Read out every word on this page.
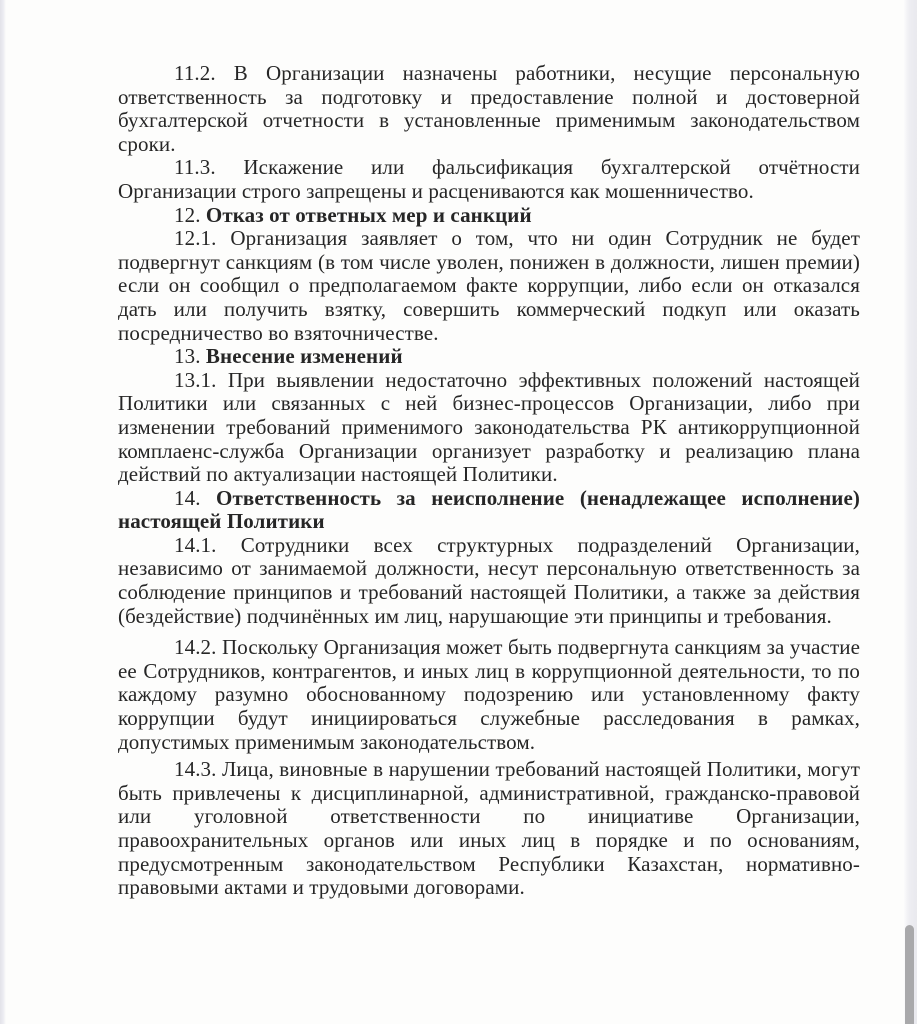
11.2. В Организации назначены работники, несущие персональную ответственность за подготовку и предоставление полной и достоверной бухгалтерской отчетности в установленные применимым законодательством сроки.

11.3. Искажение или фальсификация бухгалтерской отчётности Организации строго запрещены и расцениваются как мошенничество.

12. Отказ от ответных мер и санкций

12.1. Организация заявляет о том, что ни один Сотрудник не будет подвергнут санкциям (в том числе уволен, понижен в должности, лишен премии) если он сообщил о предполагаемом факте коррупции, либо если он отказался дать или получить взятку, совершить коммерческий подкуп или оказать посредничество во взяточничестве.

13. Внесение изменений

13.1. При выявлении недостаточно эффективных положений настоящей Политики или связанных с ней бизнес-процессов Организации, либо при изменении требований применимого законодательства РК антикоррупционной комплаенс-служба Организации организует разработку и реализацию плана действий по актуализации настоящей Политики.

14. Ответственность за неисполнение (ненадлежащее исполнение) настоящей Политики

14.1. Сотрудники всех структурных подразделений Организации, независимо от занимаемой должности, несут персональную ответственность за соблюдение принципов и требований настоящей Политики, а также за действия (бездействие) подчинённых им лиц, нарушающие эти принципы и требования.

14.2. Поскольку Организация может быть подвергнута санкциям за участие ее Сотрудников, контрагентов, и иных лиц в коррупционной деятельности, то по каждому разумно обоснованному подозрению или установленному факту коррупции будут инициироваться служебные расследования в рамках, допустимых применимым законодательством.

14.3. Лица, виновные в нарушении требований настоящей Политики, могут быть привлечены к дисциплинарной, административной, гражданско-правовой или уголовной ответственности по инициативе Организации, правоохранительных органов или иных лиц в порядке и по основаниям, предусмотренным законодательством Республики Казахстан, нормативно-правовыми актами и трудовыми договорами.
